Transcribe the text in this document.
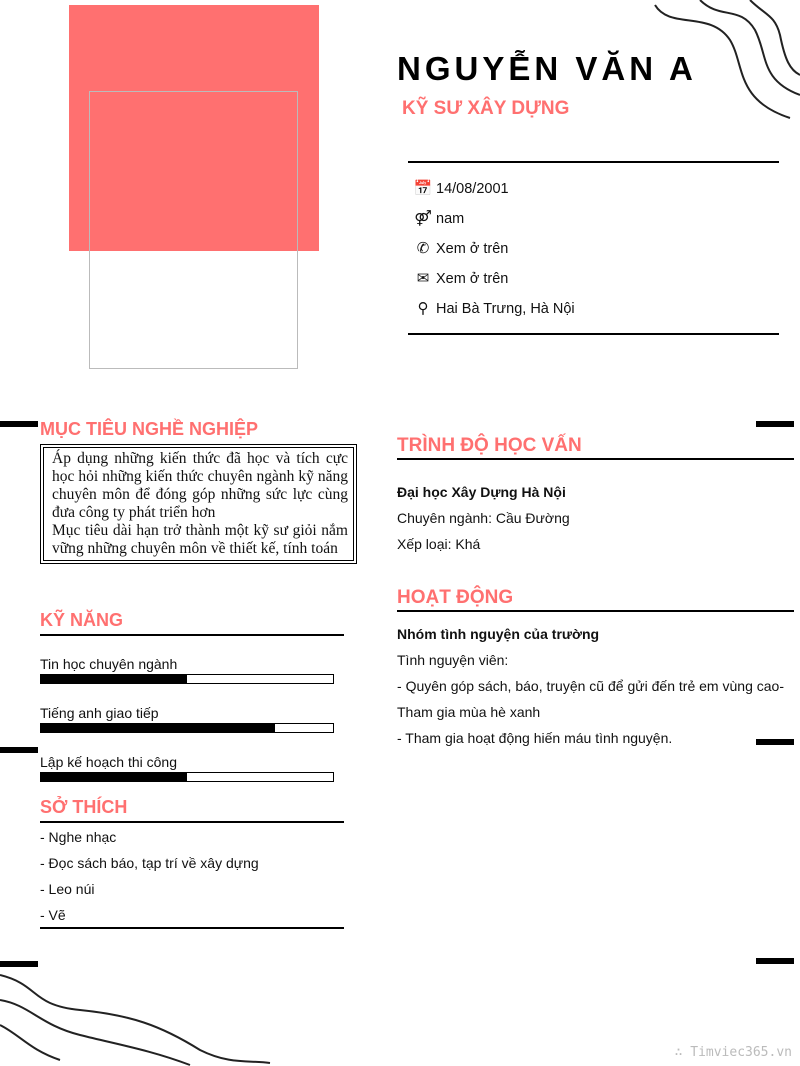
NGUYỄN VĂN A
KỸ SƯ XÂY DỰNG
📅 14/08/2001
⚤ nam
✆ Xem ở trên
✉ Xem ở trên
⚲ Hai Bà Trưng, Hà Nội
MỤC TIÊU NGHỀ NGHIỆP
Áp dụng những kiến thức đã học và tích cực học hỏi những kiến thức chuyên ngành kỹ năng chuyên môn để đóng góp những sức lực cùng đưa công ty phát triển hơn
Mục tiêu dài hạn trở thành một kỹ sư giỏi nắm vững những chuyên môn về thiết kế, tính toán
KỸ NĂNG
Tin học chuyên ngành
Tiếng anh giao tiếp
Lập kế hoạch thi công
SỞ THÍCH
- Nghe nhạc
- Đọc sách báo, tạp trí về xây dựng
- Leo núi
- Vẽ
TRÌNH ĐỘ HỌC VẤN
Đại học Xây Dựng Hà Nội
Chuyên ngành: Cầu Đường
Xếp loại: Khá
HOẠT ĐỘNG
Nhóm tình nguyện của trường
Tình nguyện viên:
- Quyên góp sách, báo, truyện cũ để gửi đến trẻ em vùng cao- Tham gia mùa hè xanh
- Tham gia hoạt động hiến máu tình nguyện.
∴ Timviec365.vn
